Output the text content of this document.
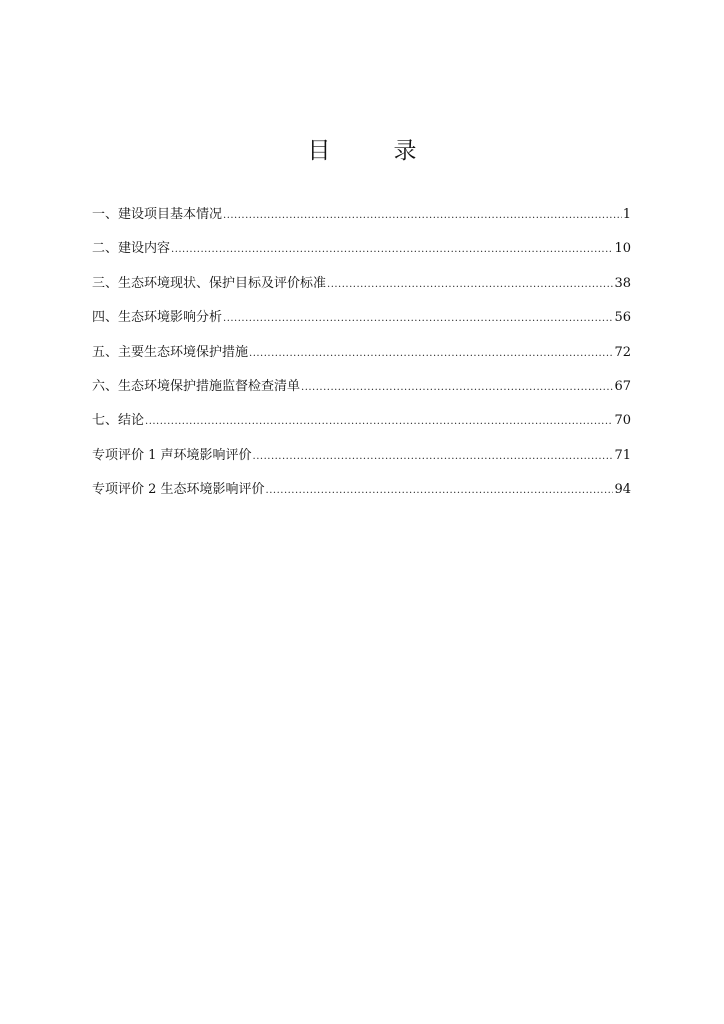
目　录
一、建设项目基本情况 .....	1
二、建设内容 .....	10
三、生态环境现状、保护目标及评价标准 .....	38
四、生态环境影响分析 .....	56
五、主要生态环境保护措施 .....	72
六、生态环境保护措施监督检查清单 .....	67
七、结论 .....	70
专项评价 1 声环境影响评价 .....	71
专项评价 2 生态环境影响评价 .....	94
